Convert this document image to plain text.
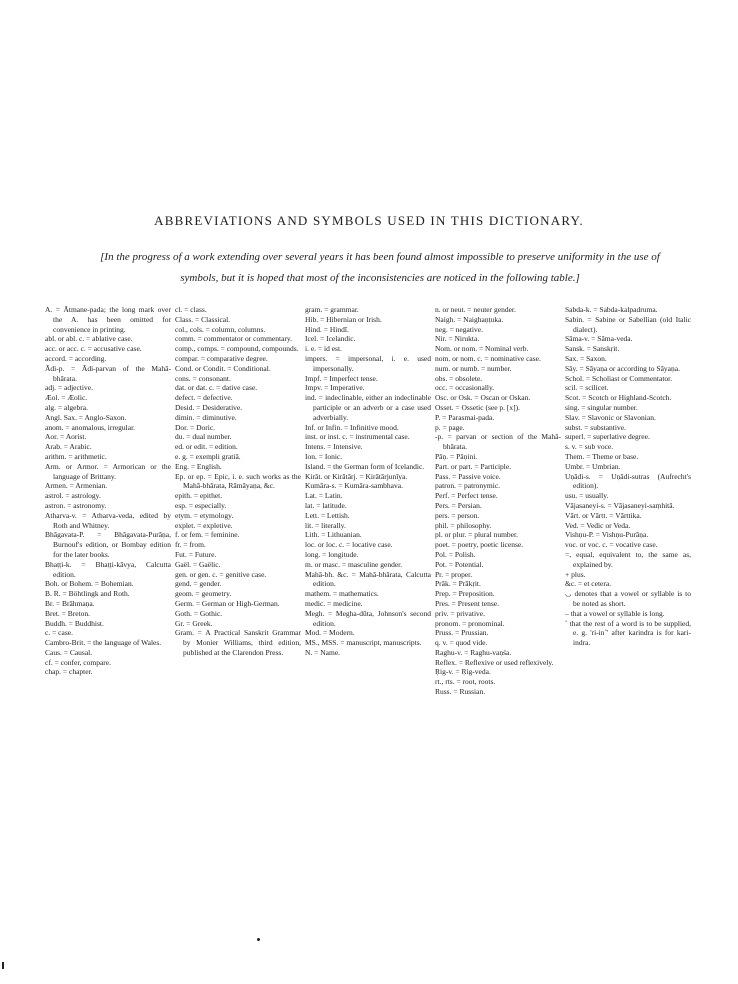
ABBREVIATIONS AND SYMBOLS USED IN THIS DICTIONARY.

[In the progress of a work extending over several years it has been found almost impossible to preserve uniformity in the use of symbols, but it is hoped that most of the inconsistencies are noticed in the following table.]

A. = Ātmane-pada; the long mark over the A. has been omitted for convenience in printing.

abl. or abl. c. = ablative case.

acc. or acc. c. = accusative case.

accord. = according.

Ādi-p. = Ādi-parvan of the Mahā-bhārata.

adj. = adjective.

Æol. = Æolic.

alg. = algebra.

Angl. Sax. = Anglo-Saxon.

anom. = anomalous, irregular.

Aor. = Aorist.

Arab. = Arabic.

arithm. = arithmetic.

Arm. or Armor. = Armorican or the language of Brittany.

Armen. = Armenian.

astrol. = astrology.

astron. = astronomy.

Atharva-v. = Atharva-veda, edited by Roth and Whitney.

Bhāgavata-P. = Bhāgavata-Purāṇa, Burnouf's edition, or Bombay edition for the later books.

Bhaṭṭi-k. = Bhaṭṭi-kāvya, Calcutta edition.

Boh. or Bohem. = Bohemian.

B. R. = Böhtlingk and Roth.

Br. = Brāhmaṇa.

Bret. = Breton.

Buddh. = Buddhist.

c. = case.

Cambro-Brit. = the language of Wales.

Caus. = Causal.

cf. = confer, compare.

chap. = chapter.

cl. = class.

Class. = Classical.

col., cols. = column, columns.

comm. = commentator or commentary.

comp., comps. = compound, compounds.

compar. = comparative degree.

Cond. or Condit. = Conditional.

cons. = consonant.

dat. or dat. c. = dative case.

defect. = defective.

Desid. = Desiderative.

dimin. = diminutive.

Dor. = Doric.

du. = dual number.

ed. or edit. = edition.

e. g. = exempli gratiâ.

Eng. = English.

Ep. or ep. = Epic, i. e. such works as the Mahā-bhārata, Rāmāyaṇa, &c.

epith. = epithet.

esp. = especially.

etym. = etymology.

explet. = expletive.

f. or fem. = feminine.

fr. = from.

Fut. = Future.

Gaël. = Gaëlic.

gen. or gen. c. = genitive case.

gend. = gender.

geom. = geometry.

Germ. = German or High-German.

Goth. = Gothic.

Gr. = Greek.

Gram. = A Practical Sanskrit Grammar by Monier Williams, third edition, published at the Clarendon Press.

gram. = grammar.

Hib. = Hibernian or Irish.

Hind. = Hindī.

Icel. = Icelandic.

i. e. = id est.

impers. = impersonal, i. e. used impersonally.

Impf. = Imperfect tense.

Impv. = Imperative.

ind. = indeclinable, either an indeclinable participle or an adverb or a case used adverbially.

Inf. or Infin. = Infinitive mood.

inst. or inst. c. = instrumental case.

Intens. = Intensive.

Ion. = Ionic.

Island. = the German form of Icelandic.

Kirāt. or Kirātārj. = Kirātārjunīya.

Kumāra-s. = Kumāra-sambhava.

Lat. = Latin.

lat. = latitude.

Lett. = Lettish.

lit. = literally.

Lith. = Lithuanian.

loc. or loc. c. = locative case.

long. = longitude.

m. or masc. = masculine gender.

Mahā-bh. &c. = Mahā-bhārata, Calcutta edition.

mathem. = mathematics.

medic. = medicine.

Megh. = Megha-dūta, Johnson's second edition.

Mod. = Modern.

MS., MSS. = manuscript, manuscripts.

N. = Name.

n. or neut. = neuter gender.

Naigh. = Naighaṇṭuka.

neg. = negative.

Nir. = Nirukta.

Nom. or nom. = Nominal verb.

nom. or nom. c. = nominative case.

num. or numb. = number.

obs. = obsolete.

occ. = occasionally.

Osc. or Osk. = Oscan or Oskan.

Osset. = Ossetic (see p. [x]).

P. = Parasmai-pada.

p. = page.

-p. = parvan or section of the Mahā-bhārata.

Pāṇ. = Pāṇini.

Part. or part. = Participle.

Pass. = Passive voice.

patron. = patronymic.

Perf. = Perfect tense.

Pers. = Persian.

pers. = person.

phil. = philosophy.

pl. or plur. = plural number.

poet. = poetry, poetic license.

Pol. = Polish.

Pot. = Potential.

Pr. = proper.

Prāk. = Prākṛit.

Prep. = Preposition.

Pres. = Present tense.

priv. = privative.

pronom. = pronominal.

Pruss. = Prussian.

q. v. = quod vide.

Raghu-v. = Raghu-vaṇśa.

Reflex. = Reflexive or used reflexively.

Ṛig-v. = Ṛig-veda.

rt., rts. = root, roots.

Russ. = Russian.

Sabda-k. = Sabda-kalpadruma.

Sabin. = Sabine or Sabellian (old Italic dialect).

Sāma-v. = Sāma-veda.

Sansk. = Sanskṛit.

Sax. = Saxon.

Sāy. = Sāyaṇa or according to Sāyaṇa.

Schol. = Scholiast or Commentator.

scil. = scilicet.

Scot. = Scotch or Highland-Scotch.

sing. = singular number.

Slav. = Slavonic or Slavonian.

subst. = substantive.

superl. = superlative degree.

s. v. = sub voce.

Them. = Theme or base.

Umbr. = Umbrian.

Uṇādi-s. = Uṇādi-sutras (Aufrecht's edition).

usu. = usually.

Vājasaneyi-s. = Vājasaneyi-saṃhitā.

Vārt. or Vārtt. = Vārttika.

Ved. = Vedic or Veda.

Vishṇu-P. = Vishṇu-Purāṇa.

voc. or voc. c. = vocative case.

=, equal, equivalent to, the same as, explained by.

+ plus.

&c. = et cetera.

◡ denotes that a vowel or syllable is to be noted as short.

– that a vowel or syllable is long.

˚ that the rest of a word is to be supplied, e. g. 'ri-in˚' after karindra is for kari-indra.
